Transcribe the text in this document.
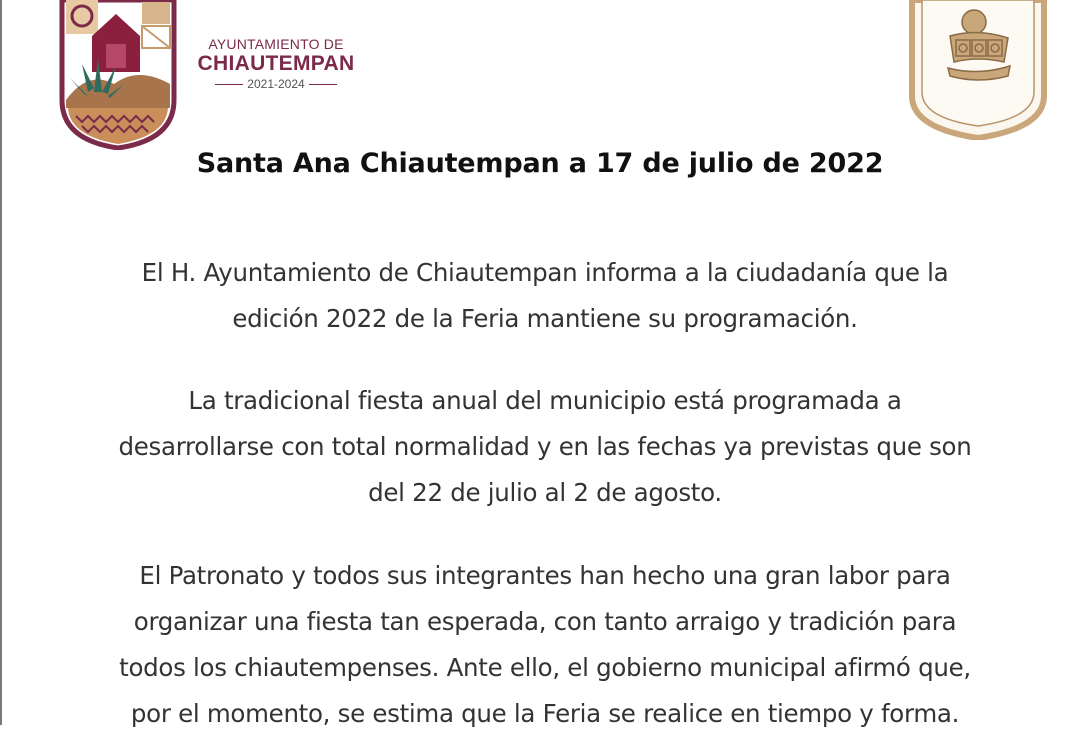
AYUNTAMIENTO DE
CHIAUTEMPAN
2021-2024
Santa Ana Chiautempan a 17 de julio de 2022

El H. Ayuntamiento de Chiautempan informa a la ciudadanía que la
edición 2022 de la Feria mantiene su programación.

La tradicional fiesta anual del municipio está programada a
desarrollarse con total normalidad y en las fechas ya previstas que son
del 22 de julio al 2 de agosto.

El Patronato y todos sus integrantes han hecho una gran labor para
organizar una fiesta tan esperada, con tanto arraigo y tradición para
todos los chiautempenses. Ante ello, el gobierno municipal afirmó que,
por el momento, se estima que la Feria se realice en tiempo y forma.
